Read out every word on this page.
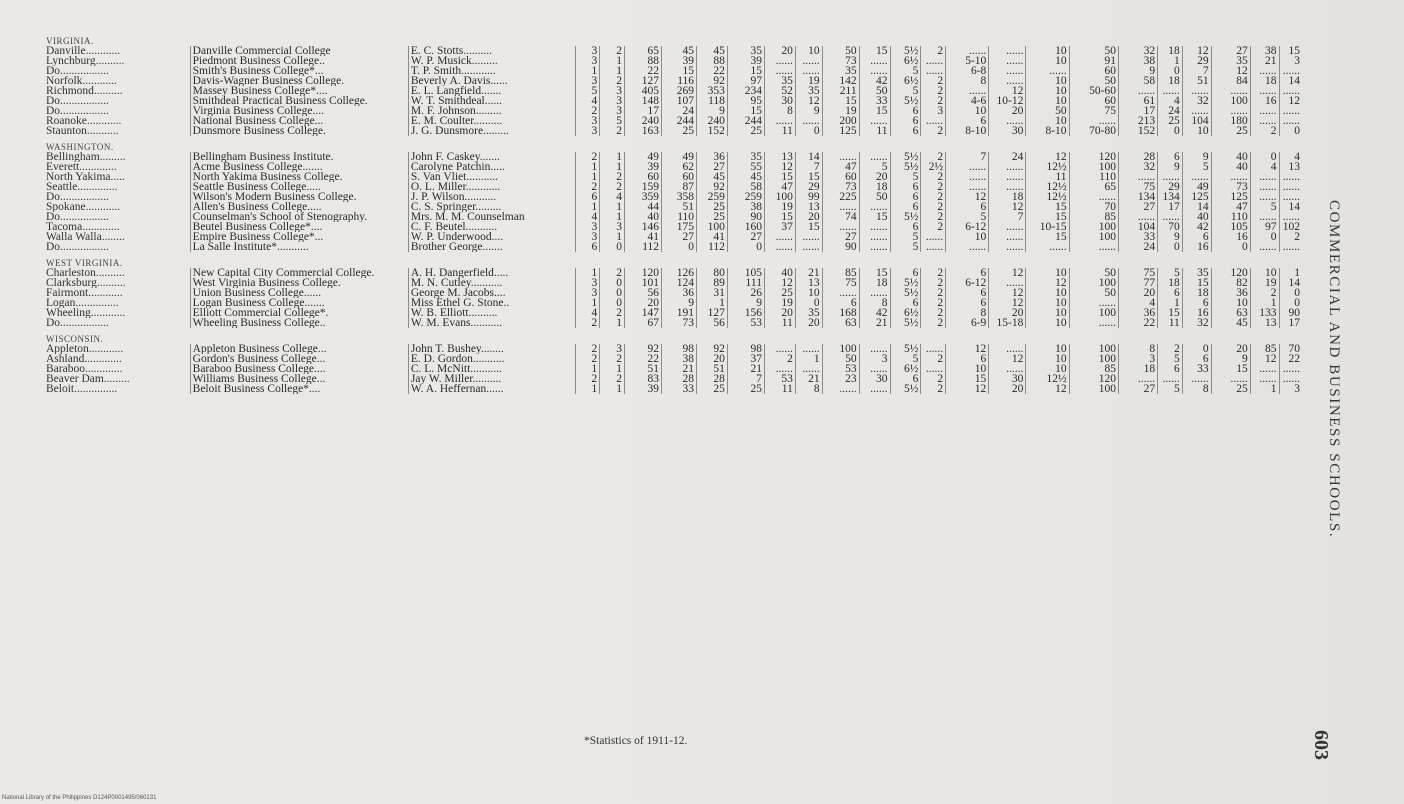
VIRGINIA.																								
Danville............	Danville Commercial College	E. C. Stotts..........	3	2	65	45	45	35	20	10	50	15	5½	2	......	......	10	50	32	18	12	27	38	15
Lynchburg..........	Piedmont Business College..	W. P. Musick.........	3	1	88	39	88	39	......	......	73	......	6½	......	5-10	......	10	91	38	1	29	35	21	3
Do.................	Smith's Business College*...	T. P. Smith............	1	1	22	15	22	15	......	......	35	......	5	......	6-8	......	......	60	9	0	7	12	......	......
Norfolk............	Davis-Wagner Business College.	Beverly A. Davis......	3	2	127	116	92	97	35	19	142	42	6½	2	8	......	10	50	58	18	51	84	18	14
Richmond..........	Massey Business College*....	E. L. Langfield.......	5	3	405	269	353	234	52	35	211	50	5	2	......	12	10	50-60	......	......	......	......	......	......
Do.................	Smithdeal Practical Business College.	W. T. Smithdeal......	4	3	148	107	118	95	30	12	15	33	5½	2	4-6	10-12	10	60	61	4	32	100	16	12
Do.................	Virginia Business College....	M. F. Johnson.........	2	3	17	24	9	15	8	9	19	15	6	3	10	20	50	75	17	24	......	......	......	......
Roanoke............	National Business College...	E. M. Coulter..........	3	5	240	244	240	244	......	......	200	......	6	......	6	......	10	......	213	25	104	180	......	......
Staunton...........	Dunsmore Business College.	J. G. Dunsmore.........	3	2	163	25	152	25	11	0	125	11	6	2	8-10	30	8-10	70-80	152	0	10	25	2	0

WASHINGTON.																								
Bellingham.........	Bellingham Business Institute.	John F. Caskey.......	2	1	49	49	36	35	13	14	......	......	5½	2	7	24	12	120	28	6	9	40	0	4
Everett.............	Acme Business College.......	Carolyne Patchin.....	1	1	39	62	27	55	12	7	47	5	5½	2½	......	......	12½	100	32	9	5	40	4	13
North Yakima.....	North Yakima Business College.	S. Van Vliet...........	1	2	60	60	45	45	15	15	60	20	5	2	......	......	11	110	......	......	......	......	......	......
Seattle..............	Seattle Business College.....	O. L. Miller............	2	2	159	87	92	58	47	29	73	18	6	2	......	......	12½	65	75	29	49	73	......	......
Do.................	Wilson's Modern Business College.	J. P. Wilson...........	6	4	359	358	259	259	100	99	225	50	6	2	12	18	12½	......	134	134	125	125	......	......
Spokane............	Allen's Business College.....	C. S. Springer.........	1	1	44	51	25	38	19	13	......	......	6	2	6	12	15	70	27	17	14	47	5	14
Do.................	Counselman's School of Stenography.	Mrs. M. M. Counselman	4	1	40	110	25	90	15	20	74	15	5½	2	5	7	15	85	......	......	40	110	......	......
Tacoma.............	Beutel Business College*....	C. F. Beutel...........	3	3	146	175	100	160	37	15	......	......	6	2	6-12	......	10-15	100	104	70	42	105	97	102
Walla Walla........	Empire Business College*...	W. P. Underwood....	3	1	41	27	41	27	......	......	27	......	5	......	10	......	15	100	33	9	6	16	0	2
Do.................	La Salle Institute*...........	Brother George.......	6	0	112	0	112	0	......	......	90	......	5	......	......	......	......	......	24	0	16	0	......	......

WEST VIRGINIA.																								
Charleston..........	New Capital City Commercial College.	A. H. Dangerfield.....	1	2	120	126	80	105	40	21	85	15	6	2	6	12	10	50	75	5	35	120	10	1
Clarksburg..........	West Virginia Business College.	M. N. Cutley...........	3	0	101	124	89	111	12	13	75	18	5½	2	6-12	......	12	100	77	18	15	82	19	14
Fairmont............	Union Business College......	George M. Jacobs....	3	0	56	36	31	26	25	10	......	......	5½	2	6	12	10	50	20	6	18	36	2	0
Logan...............	Logan Business College.......	Miss Ethel G. Stone..	1	0	20	9	1	9	19	0	6	8	6	2	6	12	10	......	4	1	6	10	1	0
Wheeling............	Elliott Commercial College*.	W. B. Elliott..........	4	2	147	191	127	156	20	35	168	42	6½	2	8	20	10	100	36	15	16	63	133	90
Do.................	Wheeling Business College..	W. M. Evans...........	2	1	67	73	56	53	11	20	63	21	5½	2	6-9	15-18	10	......	22	11	32	45	13	17

WISCONSIN.																								
Appleton............	Appleton Business College...	John T. Bushey........	2	3	92	98	92	98	......	......	100	......	5½	......	12	......	10	100	8	2	0	20	85	70
Ashland.............	Gordon's Business College...	E. D. Gordon...........	2	2	22	38	20	37	2	1	50	3	5	2	6	12	10	100	3	5	6	9	12	22
Baraboo.............	Baraboo Business College....	C. L. McNitt...........	1	1	51	21	51	21	......	......	53	......	6½	......	10	......	10	85	18	6	33	15	......	......
Beaver Dam.........	Williams Business College...	Jay W. Miller..........	2	2	83	28	28	7	53	21	23	30	6	2	15	30	12½	120	......	......	......	......	......	......
Beloit...............	Beloit Business College*....	W. A. Heffernan......	1	1	39	33	25	25	11	8	......	......	5½	2	12	20	12	100	27	5	8	25	1	3 COMMERCIAL AND BUSINESS SCHOOLS.
603
*Statistics of 1911-12.
National Library of the Philippines D124P0001495/060131
